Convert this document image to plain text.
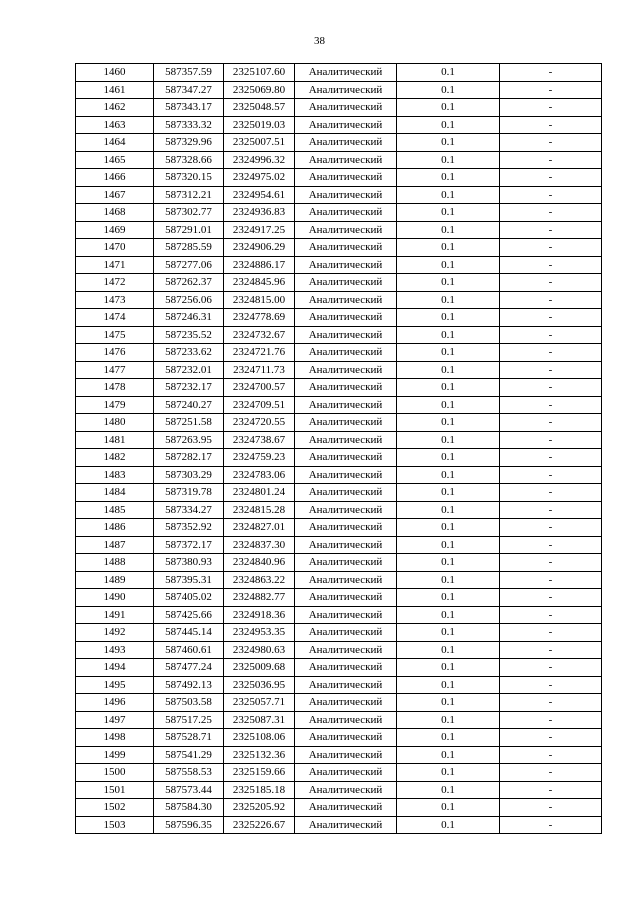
38
1460	587357.59	2325107.60	Аналитический	0.1	-
1461	587347.27	2325069.80	Аналитический	0.1	-
1462	587343.17	2325048.57	Аналитический	0.1	-
1463	587333.32	2325019.03	Аналитический	0.1	-
1464	587329.96	2325007.51	Аналитический	0.1	-
1465	587328.66	2324996.32	Аналитический	0.1	-
1466	587320.15	2324975.02	Аналитический	0.1	-
1467	587312.21	2324954.61	Аналитический	0.1	-
1468	587302.77	2324936.83	Аналитический	0.1	-
1469	587291.01	2324917.25	Аналитический	0.1	-
1470	587285.59	2324906.29	Аналитический	0.1	-
1471	587277.06	2324886.17	Аналитический	0.1	-
1472	587262.37	2324845.96	Аналитический	0.1	-
1473	587256.06	2324815.00	Аналитический	0.1	-
1474	587246.31	2324778.69	Аналитический	0.1	-
1475	587235.52	2324732.67	Аналитический	0.1	-
1476	587233.62	2324721.76	Аналитический	0.1	-
1477	587232.01	2324711.73	Аналитический	0.1	-
1478	587232.17	2324700.57	Аналитический	0.1	-
1479	587240.27	2324709.51	Аналитический	0.1	-
1480	587251.58	2324720.55	Аналитический	0.1	-
1481	587263.95	2324738.67	Аналитический	0.1	-
1482	587282.17	2324759.23	Аналитический	0.1	-
1483	587303.29	2324783.06	Аналитический	0.1	-
1484	587319.78	2324801.24	Аналитический	0.1	-
1485	587334.27	2324815.28	Аналитический	0.1	-
1486	587352.92	2324827.01	Аналитический	0.1	-
1487	587372.17	2324837.30	Аналитический	0.1	-
1488	587380.93	2324840.96	Аналитический	0.1	-
1489	587395.31	2324863.22	Аналитический	0.1	-
1490	587405.02	2324882.77	Аналитический	0.1	-
1491	587425.66	2324918.36	Аналитический	0.1	-
1492	587445.14	2324953.35	Аналитический	0.1	-
1493	587460.61	2324980.63	Аналитический	0.1	-
1494	587477.24	2325009.68	Аналитический	0.1	-
1495	587492.13	2325036.95	Аналитический	0.1	-
1496	587503.58	2325057.71	Аналитический	0.1	-
1497	587517.25	2325087.31	Аналитический	0.1	-
1498	587528.71	2325108.06	Аналитический	0.1	-
1499	587541.29	2325132.36	Аналитический	0.1	-
1500	587558.53	2325159.66	Аналитический	0.1	-
1501	587573.44	2325185.18	Аналитический	0.1	-
1502	587584.30	2325205.92	Аналитический	0.1	-
1503	587596.35	2325226.67	Аналитический	0.1	-
